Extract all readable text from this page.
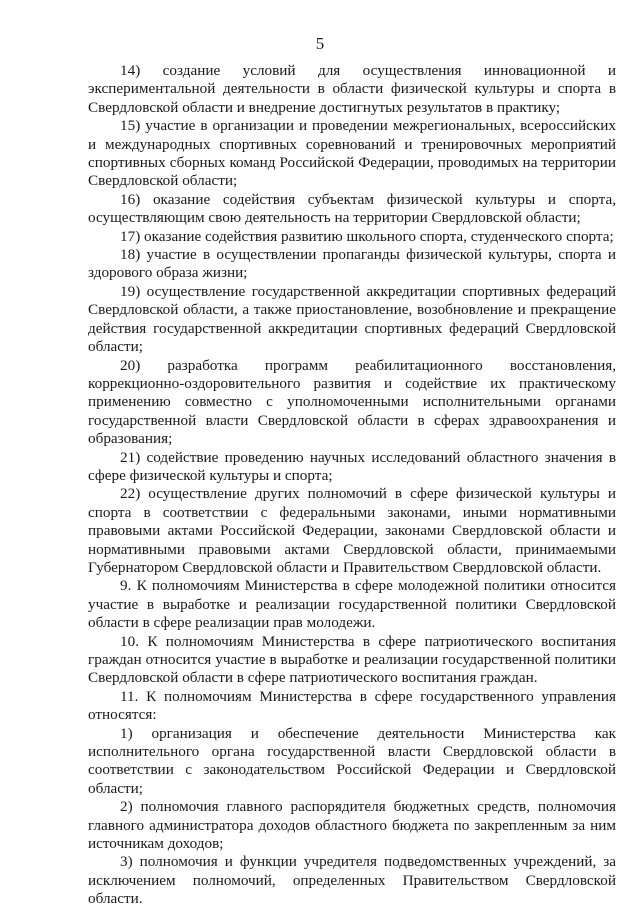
5

14) создание условий для осуществления инновационной и экспериментальной деятельности в области физической культуры и спорта в Свердловской области и внедрение достигнутых результатов в практику;

15) участие в организации и проведении межрегиональных, всероссийских и международных спортивных соревнований и тренировочных мероприятий спортивных сборных команд Российской Федерации, проводимых на территории Свердловской области;

16) оказание содействия субъектам физической культуры и спорта, осуществляющим свою деятельность на территории Свердловской области;

17) оказание содействия развитию школьного спорта, студенческого спорта;

18) участие в осуществлении пропаганды физической культуры, спорта и здорового образа жизни;

19) осуществление государственной аккредитации спортивных федераций Свердловской области, а также приостановление, возобновление и прекращение действия государственной аккредитации спортивных федераций Свердловской области;

20) разработка программ реабилитационного восстановления, коррекционно-оздоровительного развития и содействие их практическому применению совместно с уполномоченными исполнительными органами государственной власти Свердловской области в сферах здравоохранения и образования;

21) содействие проведению научных исследований областного значения в сфере физической культуры и спорта;

22) осуществление других полномочий в сфере физической культуры и спорта в соответствии с федеральными законами, иными нормативными правовыми актами Российской Федерации, законами Свердловской области и нормативными правовыми актами Свердловской области, принимаемыми Губернатором Свердловской области и Правительством Свердловской области.

9. К полномочиям Министерства в сфере молодежной политики относится участие в выработке и реализации государственной политики Свердловской области в сфере реализации прав молодежи.

10. К полномочиям Министерства в сфере патриотического воспитания граждан относится участие в выработке и реализации государственной политики Свердловской области в сфере патриотического воспитания граждан.

11. К полномочиям Министерства в сфере государственного управления относятся:

1) организация и обеспечение деятельности Министерства как исполнительного органа государственной власти Свердловской области в соответствии с законодательством Российской Федерации и Свердловской области;

2) полномочия главного распорядителя бюджетных средств, полномочия главного администратора доходов областного бюджета по закрепленным за ним источникам доходов;

3) полномочия и функции учредителя подведомственных учреждений, за исключением полномочий, определенных Правительством Свердловской области.
